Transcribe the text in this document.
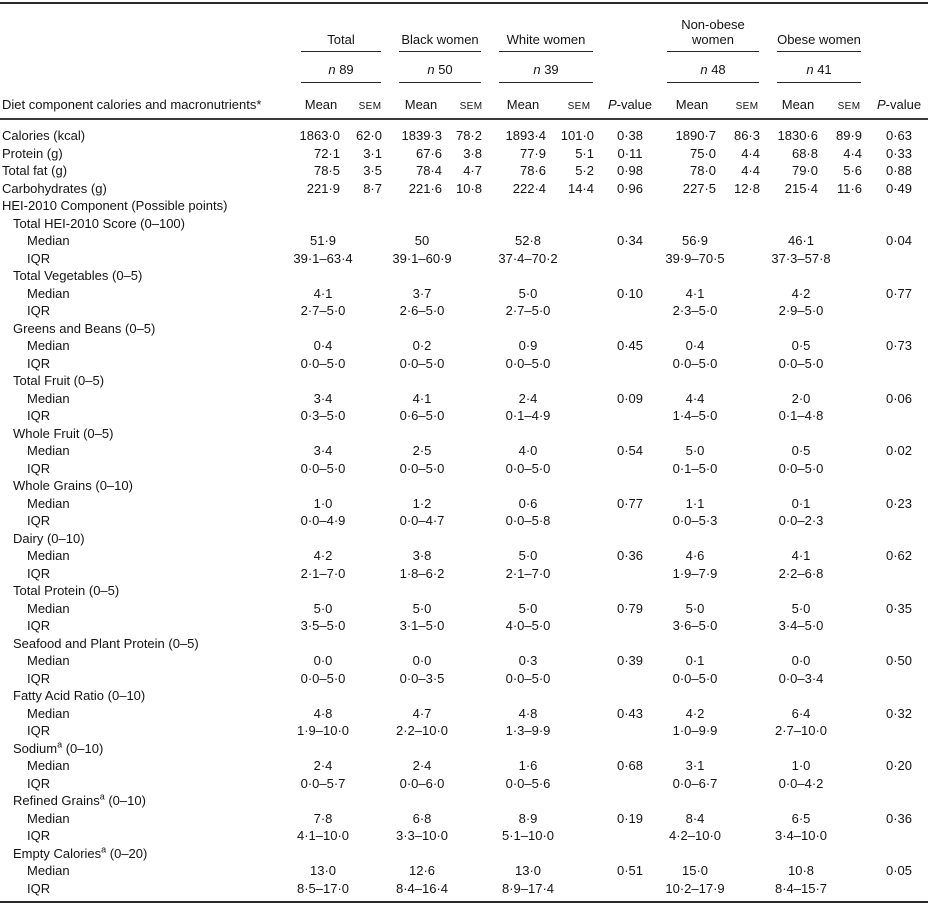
Diet component calories and macronutrients*	Total		Black women		White women			Non-obese women		Obese women		

	n 89		n 50		n 39			n 48		n 41		

	Mean	SEM	Mean	SEM	Mean	SEM	P-value	Mean	SEM	Mean	SEM	P-value
Calories (kcal)	1863·0	62·0	1839·3	78·2	1893·4	101·0	0·38	1890·7	86·3	1830·6	89·9	0·63
Protein (g)	72·1	3·1	67·6	3·8	77·9	5·1	0·11	75·0	4·4	68·8	4·4	0·33
Total fat (g)	78·5	3·5	78·4	4·7	78·6	5·2	0·98	78·0	4·4	79·0	5·6	0·88
Carbohydrates (g)	221·9	8·7	221·6	10·8	222·4	14·4	0·96	227·5	12·8	215·4	11·6	0·49
HEI-2010 Component (Possible points)												
Total HEI-2010 Score (0–100)												
Median	51·9		50		52·8		0·34	56·9		46·1		0·04
IQR	39·1–63·4		39·1–60·9		37·4–70·2			39·9–70·5		37·3–57·8		
Total Vegetables (0–5)												
Median	4·1		3·7		5·0		0·10	4·1		4·2		0·77
IQR	2·7–5·0		2·6–5·0		2·7–5·0			2·3–5·0		2·9–5·0		
Greens and Beans (0–5)												
Median	0·4		0·2		0·9		0·45	0·4		0·5		0·73
IQR	0·0–5·0		0·0–5·0		0·0–5·0			0·0–5·0		0·0–5·0		
Total Fruit (0–5)												
Median	3·4		4·1		2·4		0·09	4·4		2·0		0·06
IQR	0·3–5·0		0·6–5·0		0·1–4·9			1·4–5·0		0·1–4·8		
Whole Fruit (0–5)												
Median	3·4		2·5		4·0		0·54	5·0		0·5		0·02
IQR	0·0–5·0		0·0–5·0		0·0–5·0			0·1–5·0		0·0–5·0		
Whole Grains (0–10)												
Median	1·0		1·2		0·6		0·77	1·1		0·1		0·23
IQR	0·0–4·9		0·0–4·7		0·0–5·8			0·0–5·3		0·0–2·3		
Dairy (0–10)												
Median	4·2		3·8		5·0		0·36	4·6		4·1		0·62
IQR	2·1–7·0		1·8–6·2		2·1–7·0			1·9–7·9		2·2–6·8		
Total Protein (0–5)												
Median	5·0		5·0		5·0		0·79	5·0		5·0		0·35
IQR	3·5–5·0		3·1–5·0		4·0–5·0			3·6–5·0		3·4–5·0		
Seafood and Plant Protein (0–5)												
Median	0·0		0·0		0·3		0·39	0·1		0·0		0·50
IQR	0·0–5·0		0·0–3·5		0·0–5·0			0·0–5·0		0·0–3·4		
Fatty Acid Ratio (0–10)												
Median	4·8		4·7		4·8		0·43	4·2		6·4		0·32
IQR	1·9–10·0		2·2–10·0		1·3–9·9			1·0–9·9		2·7–10·0		
Sodium$^a$ (0–10)												
Median	2·4		2·4		1·6		0·68	3·1		1·0		0·20
IQR	0·0–5·7		0·0–6·0		0·0–5·6			0·0–6·7		0·0–4·2		
Refined Grains$^a$ (0–10)												
Median	7·8		6·8		8·9		0·19	8·4		6·5		0·36
IQR	4·1–10·0		3·3–10·0		5·1–10·0			4·2–10·0		3·4–10·0		
Empty Calories$^a$ (0–20)												
Median	13·0		12·6		13·0		0·51	15·0		10·8		0·05
IQR	8·5–17·0		8·4–16·4		8·9–17·4			10·2–17·9		8·4–15·7		
